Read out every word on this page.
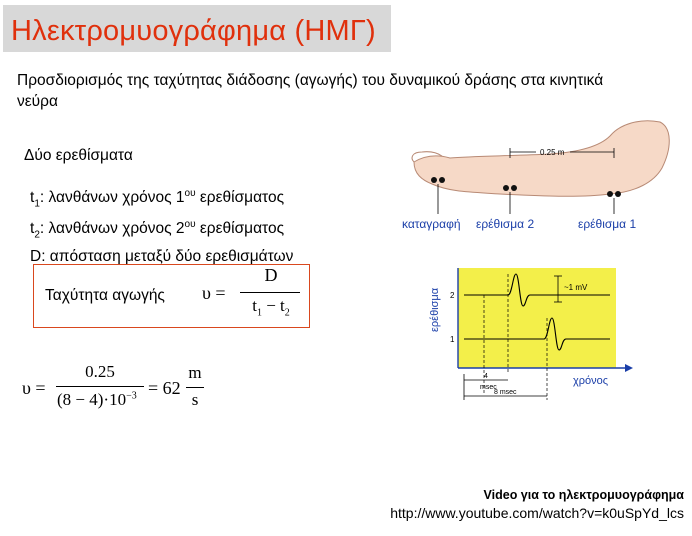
Ηλεκτρομυογράφημα (ΗΜΓ)
Προσδιορισμός της ταχύτητας διάδοσης (αγωγής) του δυναμικού δράσης στα κινητικά νεύρα
Δύο ερεθίσματα
$t_1$: λανθάνων χρόνος $1^{o\upsilon}$ ερεθίσματος
$t_2$: λανθάνων χρόνος $2^{o\upsilon}$ ερεθίσματος
D: απόσταση μεταξύ δύο ερεθισμάτων
Ταχύτητα αγωγής υ =
D
$t_1 - t_2$
υ =
0.25
$(8 - 4)\cdot 10^{-3} = 62$
m
s
0.25 m
καταγραφή ερέθισμα 2	ερέθισμα 1
2
1
~1 mV
4
msec
8 msec
ερέθισμα
χρόνος
Video για το ηλεκτρομυογράφημα
http://www.youtube.com/watch?v=k0uSpYd_lcs
